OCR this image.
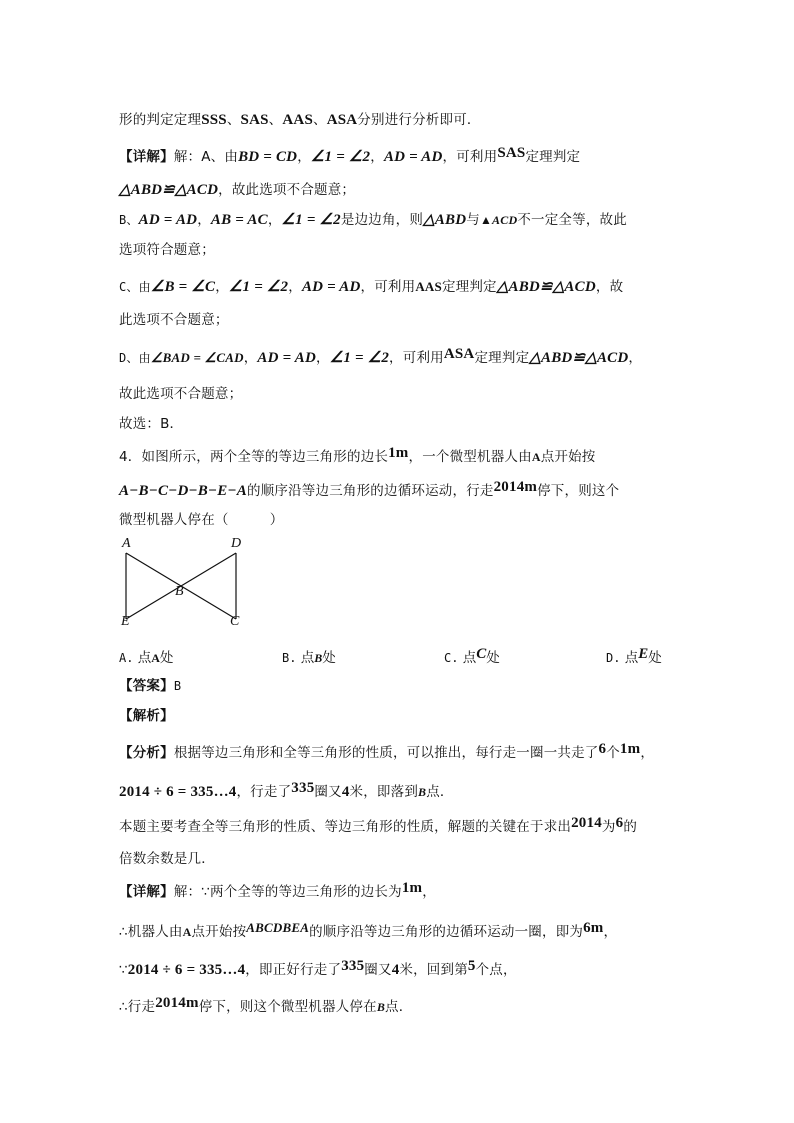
形的判定定理SSS、SAS、AAS、ASA分别进行分析即可．
【详解】解：A、由BD = CD，∠1 = ∠2，AD = AD，可利用SAS定理判定
△ABD≌△ACD，故此选项不合题意；
B、AD = AD，AB = AC，∠1 = ∠2是边边角，则△ABD与▲ACD不一定全等，故此
选项符合题意；
C、由∠B = ∠C，∠1 = ∠2，AD = AD，可利用AAS定理判定△ABD≌△ACD，故
此选项不合题意；
D、由∠BAD = ∠CAD，AD = AD，∠1 = ∠2，可利用ASA定理判定△ABD≌△ACD，
故此选项不合题意；
故选：B．
4．如图所示，两个全等的等边三角形的边长1m，一个微型机器人由A点开始按
A−B−C−D−B−E−A的顺序沿等边三角形的边循环运动，行走2014m停下，则这个
微型机器人停在（　　　）
A	D
B
E	C
A. 点A处	B. 点B处	C. 点C处	D. 点E处
【答案】B
【解析】
【分析】根据等边三角形和全等三角形的性质，可以推出，每行走一圈一共走了6个1m，
2014 ÷ 6 = 335…4，行走了335圈又4米，即落到B点．
本题主要考查全等三角形的性质、等边三角形的性质，解题的关键在于求出2014为6的
倍数余数是几．
【详解】解：∵两个全等的等边三角形的边长为1m，
∴机器人由A点开始按ABCDBEA的顺序沿等边三角形的边循环运动一圈，即为6m，
∵2014 ÷ 6 = 335…4，即正好行走了335圈又4米，回到第5个点，
∴行走2014m停下，则这个微型机器人停在B点．
